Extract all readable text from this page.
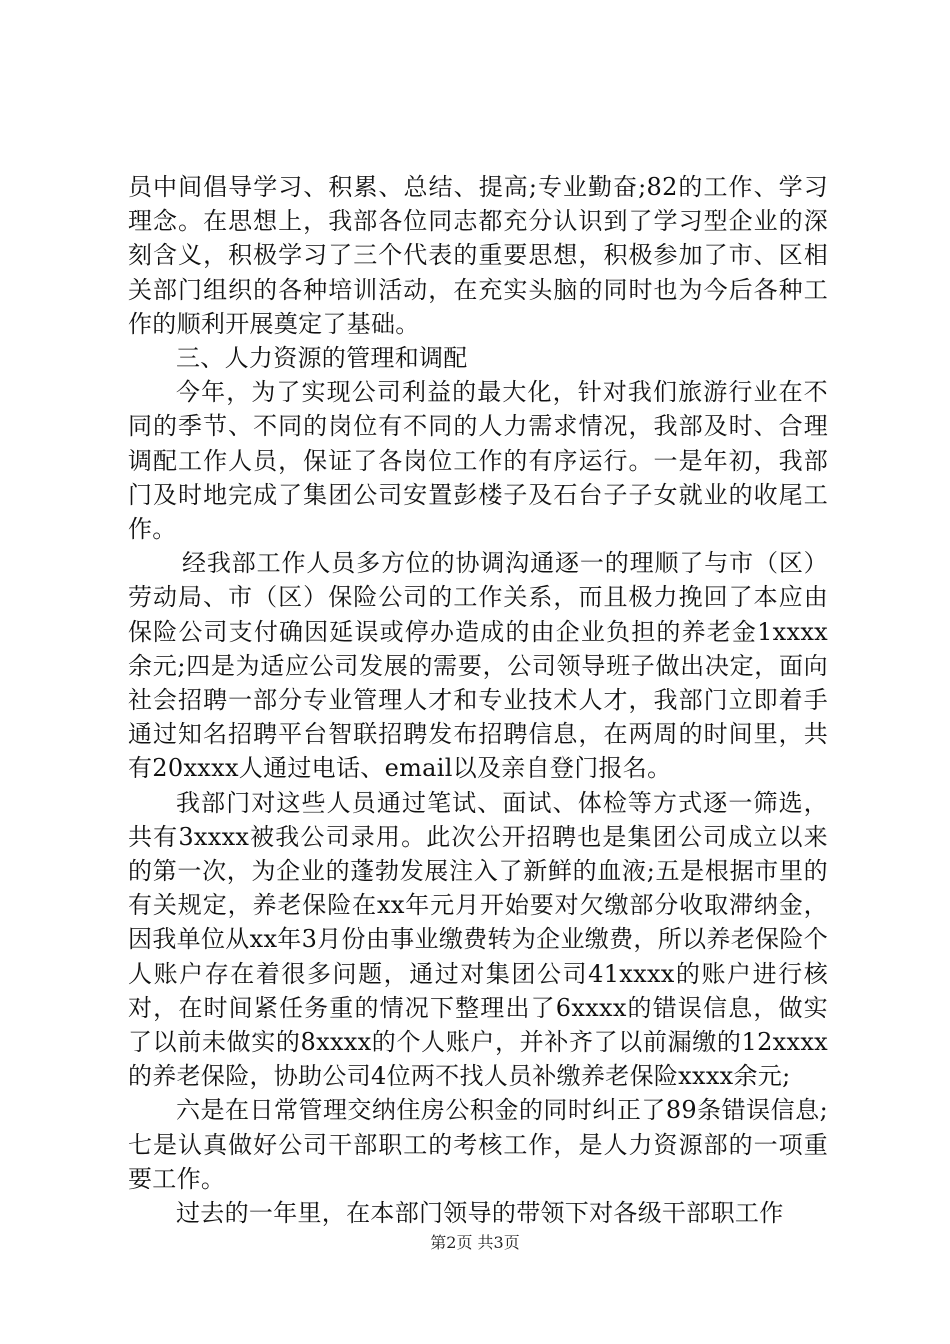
员中间倡导学习、积累、总结、提高;专业勤奋;82的工作、学习理念。在思想上，我部各位同志都充分认识到了学习型企业的深刻含义，积极学习了三个代表的重要思想，积极参加了市、区相关部门组织的各种培训活动，在充实头脑的同时也为今后各种工作的顺利开展奠定了基础。

三、人力资源的管理和调配

今年，为了实现公司利益的最大化，针对我们旅游行业在不同的季节、不同的岗位有不同的人力需求情况，我部及时、合理调配工作人员，保证了各岗位工作的有序运行。一是年初，我部门及时地完成了集团公司安置彭楼子及石台子子女就业的收尾工作。

经我部工作人员多方位的协调沟通逐一的理顺了与市（区）劳动局、市（区）保险公司的工作关系，而且极力挽回了本应由保险公司支付确因延误或停办造成的由企业负担的养老金1xxxx余元;四是为适应公司发展的需要，公司领导班子做出决定，面向社会招聘一部分专业管理人才和专业技术人才，我部门立即着手通过知名招聘平台智联招聘发布招聘信息，在两周的时间里，共有20xxxx人通过电话、email以及亲自登门报名。

我部门对这些人员通过笔试、面试、体检等方式逐一筛选，共有3xxxx被我公司录用。此次公开招聘也是集团公司成立以来的第一次，为企业的蓬勃发展注入了新鲜的血液;五是根据市里的有关规定，养老保险在xx年元月开始要对欠缴部分收取滞纳金，因我单位从xx年3月份由事业缴费转为企业缴费，所以养老保险个人账户存在着很多问题，通过对集团公司41xxxx的账户进行核对，在时间紧任务重的情况下整理出了6xxxx的错误信息，做实了以前未做实的8xxxx的个人账户，并补齐了以前漏缴的12xxxx的养老保险，协助公司4位两不找人员补缴养老保险xxxx余元;

六是在日常管理交纳住房公积金的同时纠正了89条错误信息;七是认真做好公司干部职工的考核工作，是人力资源部的一项重要工作。

过去的一年里，在本部门领导的带领下对各级干部职工作

第2页 共3页
